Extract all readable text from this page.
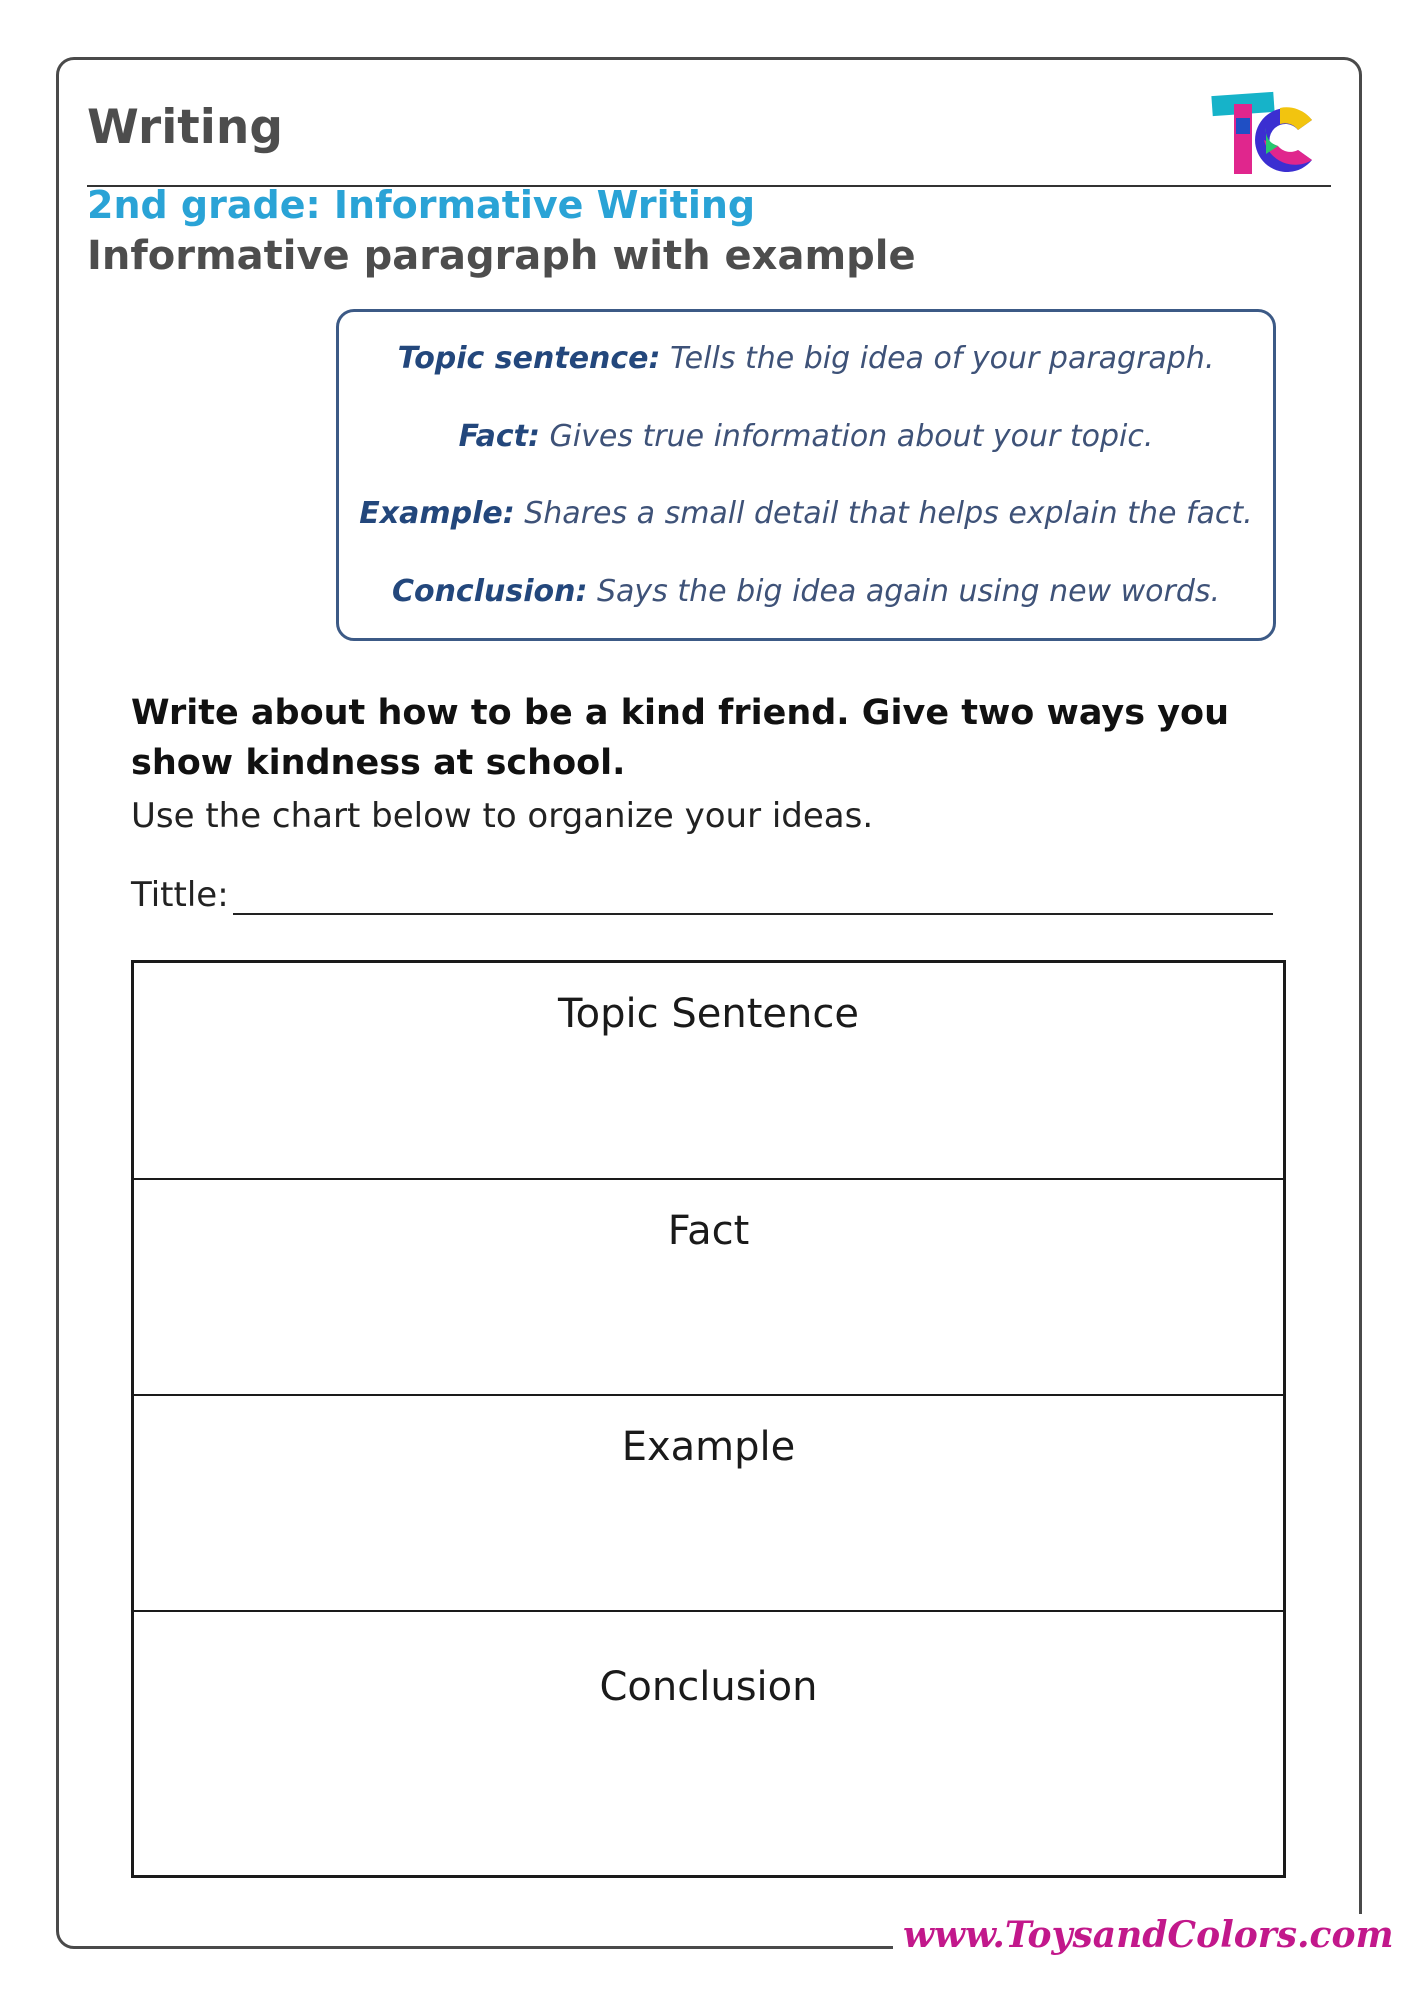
Writing
TC
2nd grade: Informative Writing
Informative paragraph with example
Topic sentence: Tells the big idea of your paragraph.
Fact: Gives true information about your topic.
Example: Shares a small detail that helps explain the fact.
Conclusion: Says the big idea again using new words.
Write about how to be a kind friend. Give two ways you show kindness at school.
Use the chart below to organize your ideas.
Tittle:
Topic Sentence
Fact
Example
Conclusion
www.ToysandColors.com
